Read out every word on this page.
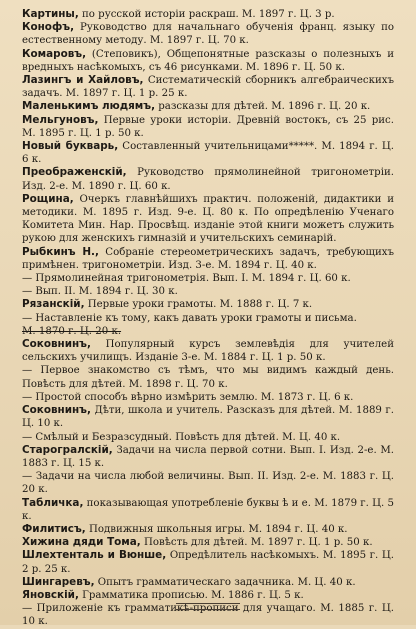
Картины, по русской исторіи раскраш. М. 1897 г. Ц. 3 р.

Конофъ, Руководство для начальнаго обученія франц. языку по естественному методу. М. 1897 г. Ц. 70 к.

Комаровъ, (Степовикъ), Общепонятные разсказы о полезныхъ и вредныхъ насѣкомыхъ, съ 46 рисунками. М. 1896 г. Ц. 50 к.

Лазингъ и Хайловъ, Систематическій сборникъ алгебраическихъ задачъ. М. 1897 г. Ц. 1 р. 25 к.

Маленькимъ людямъ, разсказы для дѣтей. М. 1896 г. Ц. 20 к.

Мельгуновъ, Первые уроки исторіи. Древній востокъ, съ 25 рис. М. 1895 г. Ц. 1 р. 50 к.

Новый букварь, Составленный учительницами*****. М. 1894 г. Ц. 6 к.

Преображенскій, Руководство прямолинейной тригонометріи. Изд. 2-е. М. 1890 г. Ц. 60 к.

Рощина, Очеркъ главнѣйшихъ практич. положеній, дидактики и методики. М. 1895 г. Изд. 9-е. Ц. 80 к. По опредѣленію Ученаго Комитета Мин. Нар. Просвѣщ. изданіе этой книги можетъ служить рукою для женскихъ гимназій и учительскихъ семинарій.

Рыбкинъ Н., Собраніе стереометрическихъ задачъ, требующихъ примѣнен. тригонометріи. Изд. 3-е. М. 1894 г. Ц. 40 к.

— Прямолинейная тригонометрія. Вып. I. М. 1894 г. Ц. 60 к.

— Вып. II. М. 1894 г. Ц. 30 к.

Рязанскій, Первые уроки грамоты. М. 1888 г. Ц. 7 к.

— Наставленіе къ тому, какъ давать уроки грамоты и письма.

М. 1870 г. Ц. 20 к.

Соковнинъ, Популярный курсъ землевѣдія для учителей сельскихъ училищъ. Изданіе 3-е. М. 1884 г. Ц. 1 р. 50 к.

— Первое знакомство съ тѣмъ, что мы видимъ каждый день. Повѣсть для дѣтей. М. 1898 г. Ц. 70 к.

— Простой способъ вѣрно измѣрить землю. М. 1873 г. Ц. 6 к.

Соковнинъ, Дѣти, школа и учитель. Разсказъ для дѣтей. М. 1889 г. Ц. 10 к.

— Смѣлый и Безразсудный. Повѣсть для дѣтей. М. Ц. 40 к.

Старогралскій, Задачи на числа первой сотни. Вып. I. Изд. 2-е. М. 1883 г. Ц. 15 к.

— Задачи на числа любой величины. Вып. II. Изд. 2-е. М. 1883 г. Ц. 20 к.

Табличка, показывающая употребленіе буквы ѣ и е. М. 1879 г. Ц. 5 к.

Филитисъ, Подвижныя школьныя игры. М. 1894 г. Ц. 40 к.

Хижина дяди Тома, Повѣсть для дѣтей. М. 1897 г. Ц. 1 р. 50 к.

Шлехтенталь и Вюнше, Опредѣлитель насѣкомыхъ. М. 1895 г. Ц. 2 р. 25 к.

Шингаревъ, Опытъ грамматическаго задачника. М. Ц. 40 к.

Яновскій, Грамматика прописью. М. 1886 г. Ц. 5 к.

— Приложеніе къ грамматикѣ-прописи для учащаго. М. 1885 г. Ц. 10 к.
